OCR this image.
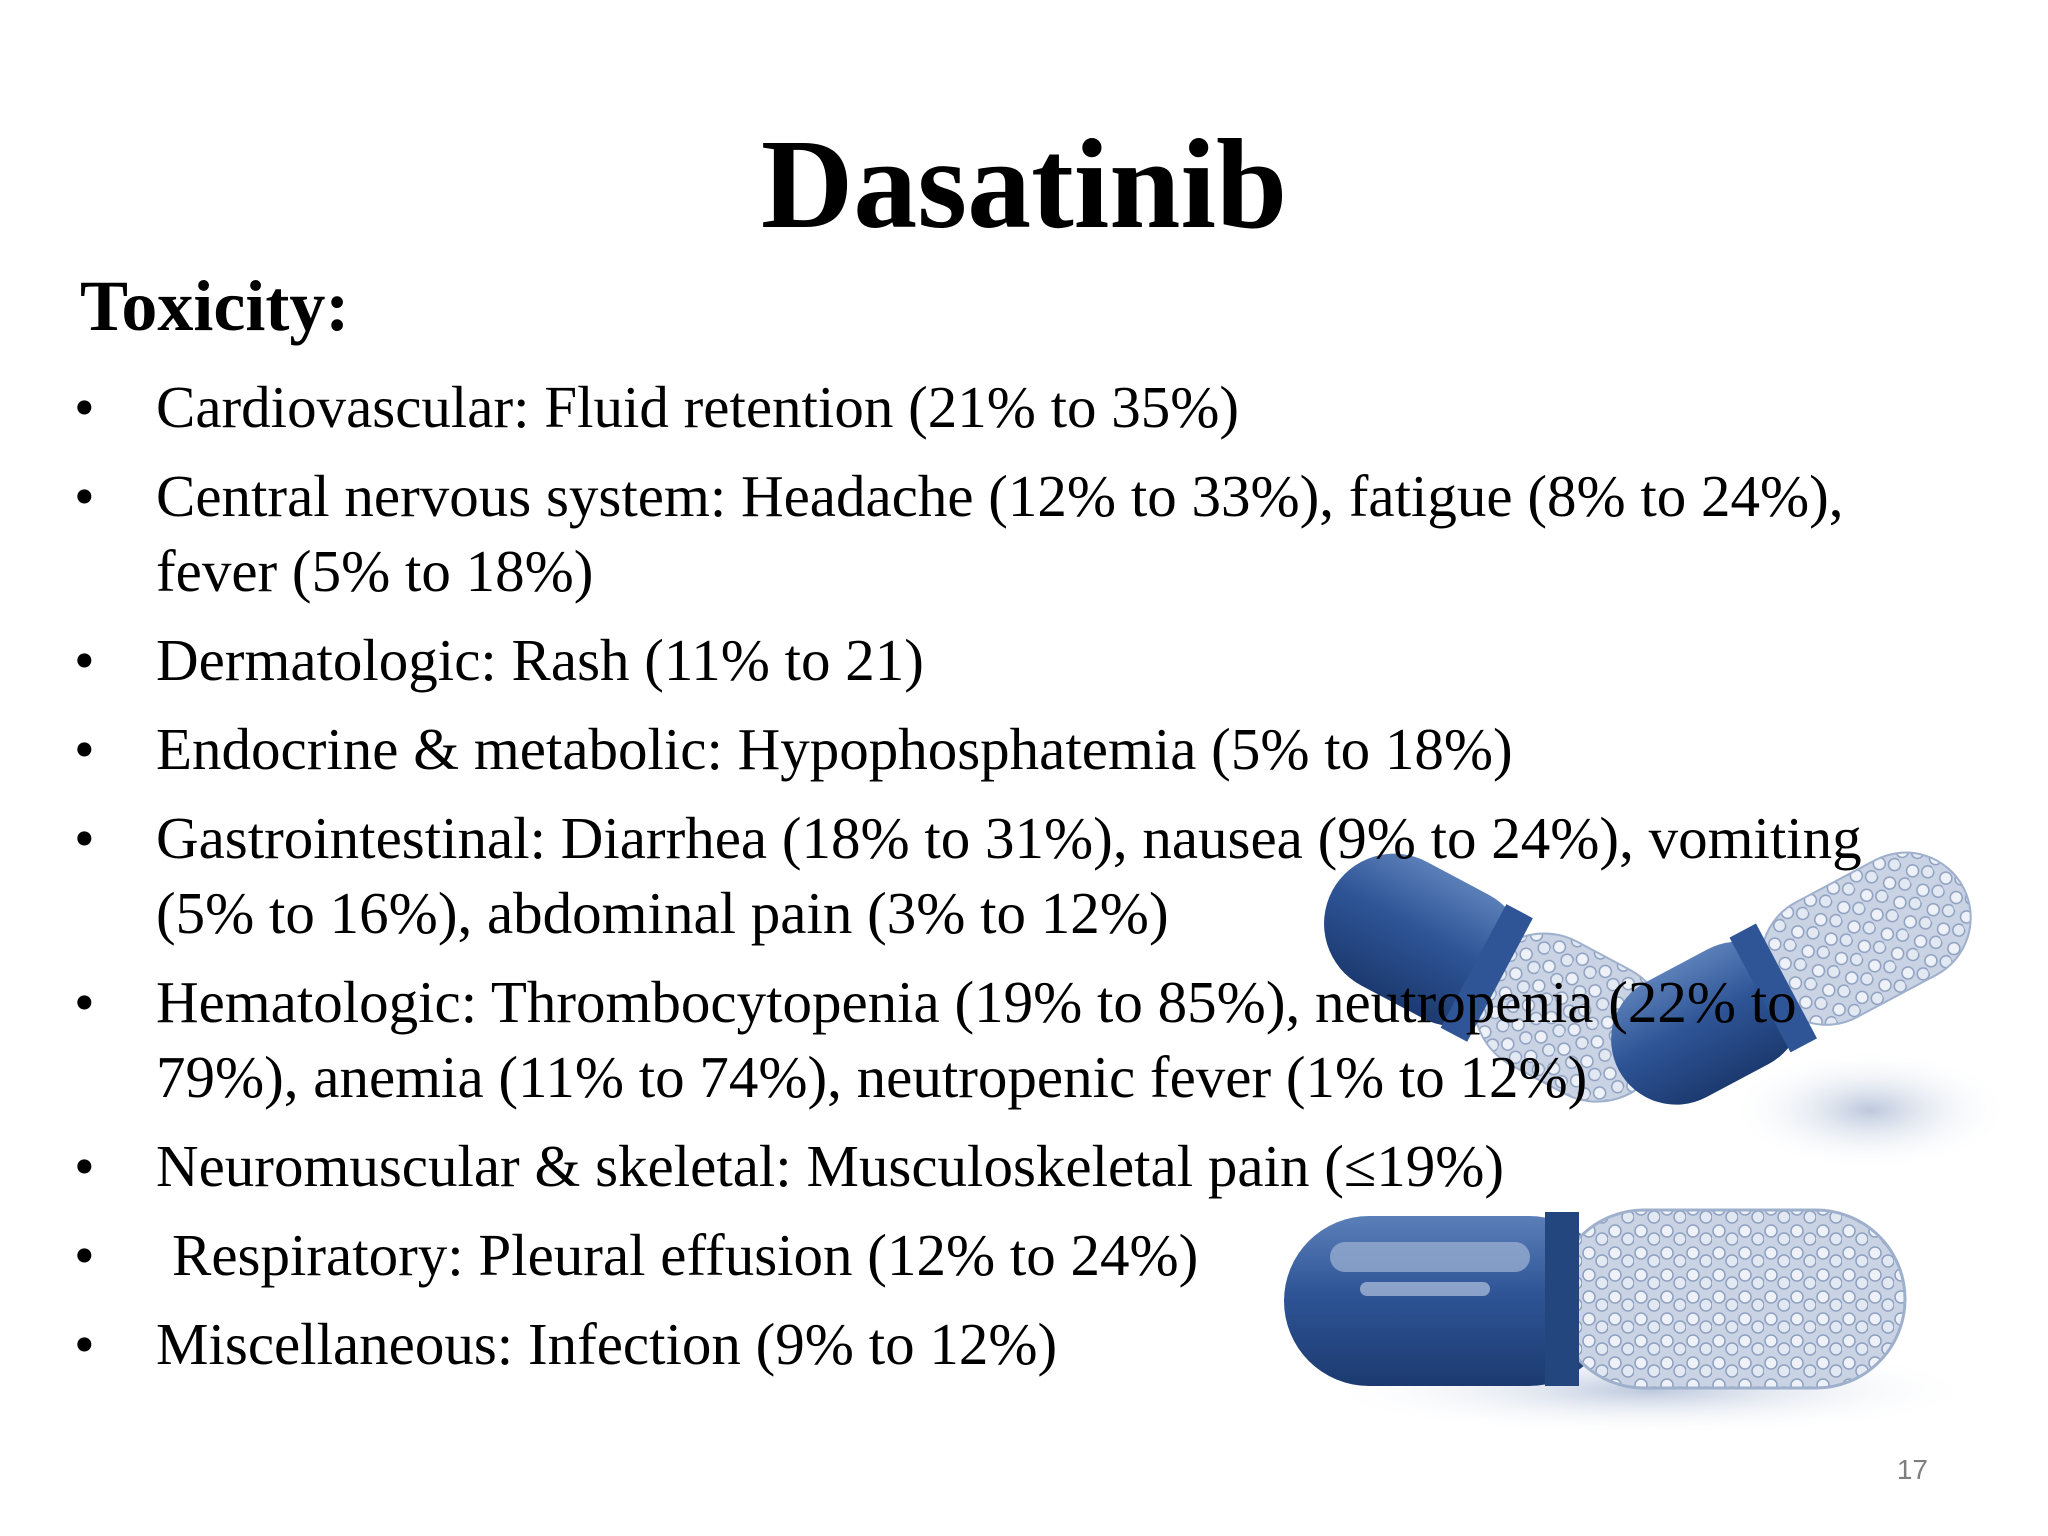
Dasatinib
Toxicity:
• Cardiovascular: Fluid retention (21% to 35%)
• Central nervous system: Headache (12% to 33%), fatigue (8% to 24%), fever (5% to 18%)
• Dermatologic: Rash (11% to 21)
• Endocrine & metabolic: Hypophosphatemia (5% to 18%)
• Gastrointestinal: Diarrhea (18% to 31%), nausea (9% to 24%), vomiting (5% to 16%), abdominal pain (3% to 12%)
• Hematologic: Thrombocytopenia (19% to 85%), neutropenia (22% to 79%), anemia (11% to 74%), neutropenic fever (1% to 12%)
• Neuromuscular & skeletal: Musculoskeletal pain (≤19%)
• Respiratory: Pleural effusion (12% to 24%)
• Miscellaneous: Infection (9% to 12%)
17
